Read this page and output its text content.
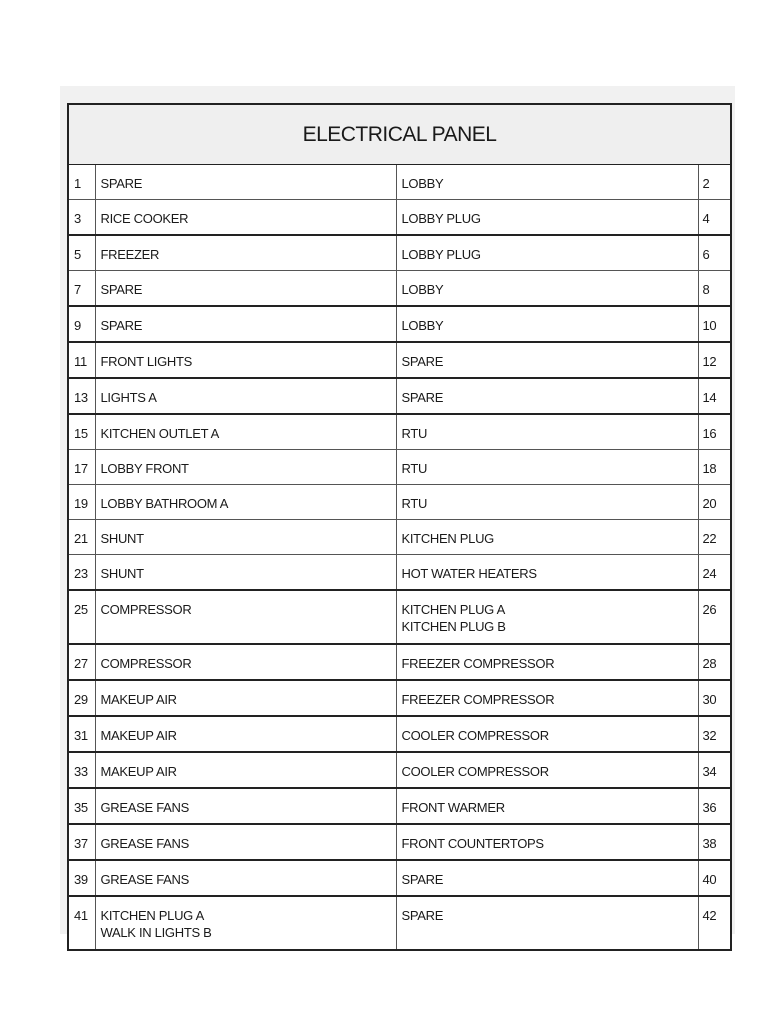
ELECTRICAL PANEL			
1	SPARE	LOBBY	2
3	RICE COOKER	LOBBY PLUG	4
5	FREEZER	LOBBY PLUG	6
7	SPARE	LOBBY	8
9	SPARE	LOBBY	10
11	FRONT LIGHTS	SPARE	12
13	LIGHTS A	SPARE	14
15	KITCHEN OUTLET A	RTU	16
17	LOBBY FRONT	RTU	18
19	LOBBY BATHROOM A	RTU	20
21	SHUNT	KITCHEN PLUG	22
23	SHUNT	HOT WATER HEATERS	24
25	COMPRESSOR	KITCHEN PLUG A
KITCHEN PLUG B	26
27	COMPRESSOR	FREEZER COMPRESSOR	28
29	MAKEUP AIR	FREEZER COMPRESSOR	30
31	MAKEUP AIR	COOLER COMPRESSOR	32
33	MAKEUP AIR	COOLER COMPRESSOR	34
35	GREASE FANS	FRONT WARMER	36
37	GREASE FANS	FRONT COUNTERTOPS	38
39	GREASE FANS	SPARE	40
41	KITCHEN PLUG A
WALK IN LIGHTS B	SPARE	42
